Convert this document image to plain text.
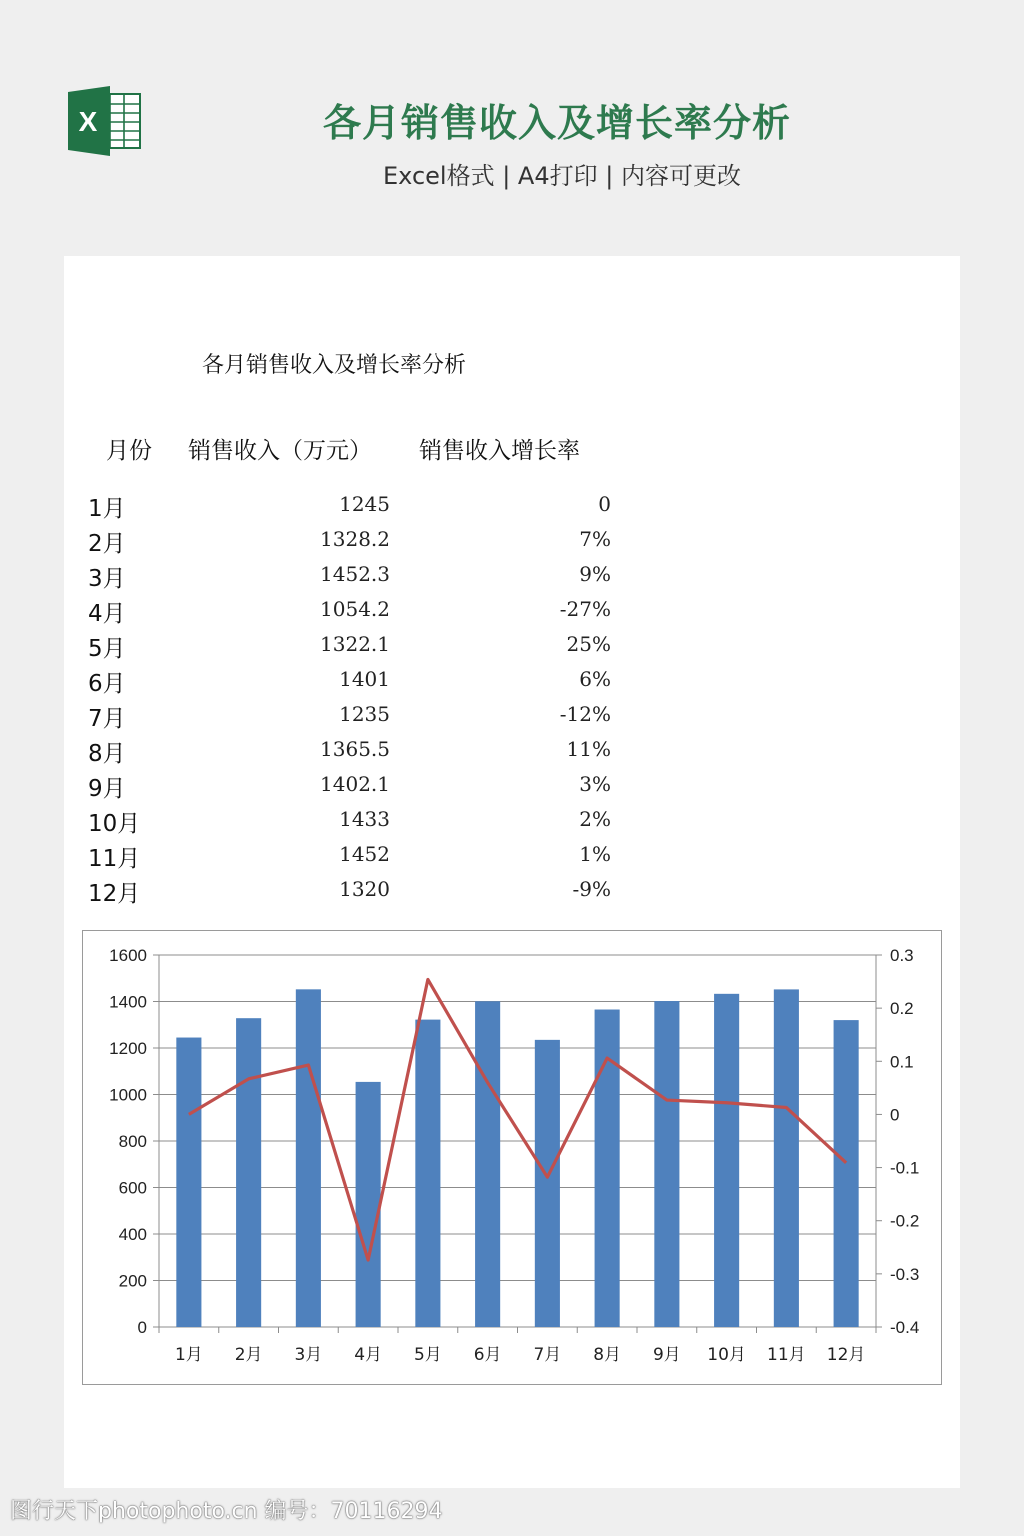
X	各月销售收入及增长率分析
Excel格式 | A4打印 | 内容可更改
各月销售收入及增长率分析
月份 销售收入（万元） 销售收入增长率
1月	1245	0
2月	1328.2	7%
3月	1452.3	9%
4月	1054.2	-27%
5月	1322.1	25%
6月	1401	6%
7月	1235	-12%
8月	1365.5	11%
9月	1402.1	3%
10月	1433	2%
11月	1452	1%
12月	1320	-9%
0
200
400
600
800
1000
1200
1400
1600
-0.4
-0.3
-0.2
-0.1
0
0.1
0.2
0.3
1月 2月 3月 4月 5月 6月 7月 8月 9月 10月 11月 12月
图行天下photophoto.cn 编号：70116294
